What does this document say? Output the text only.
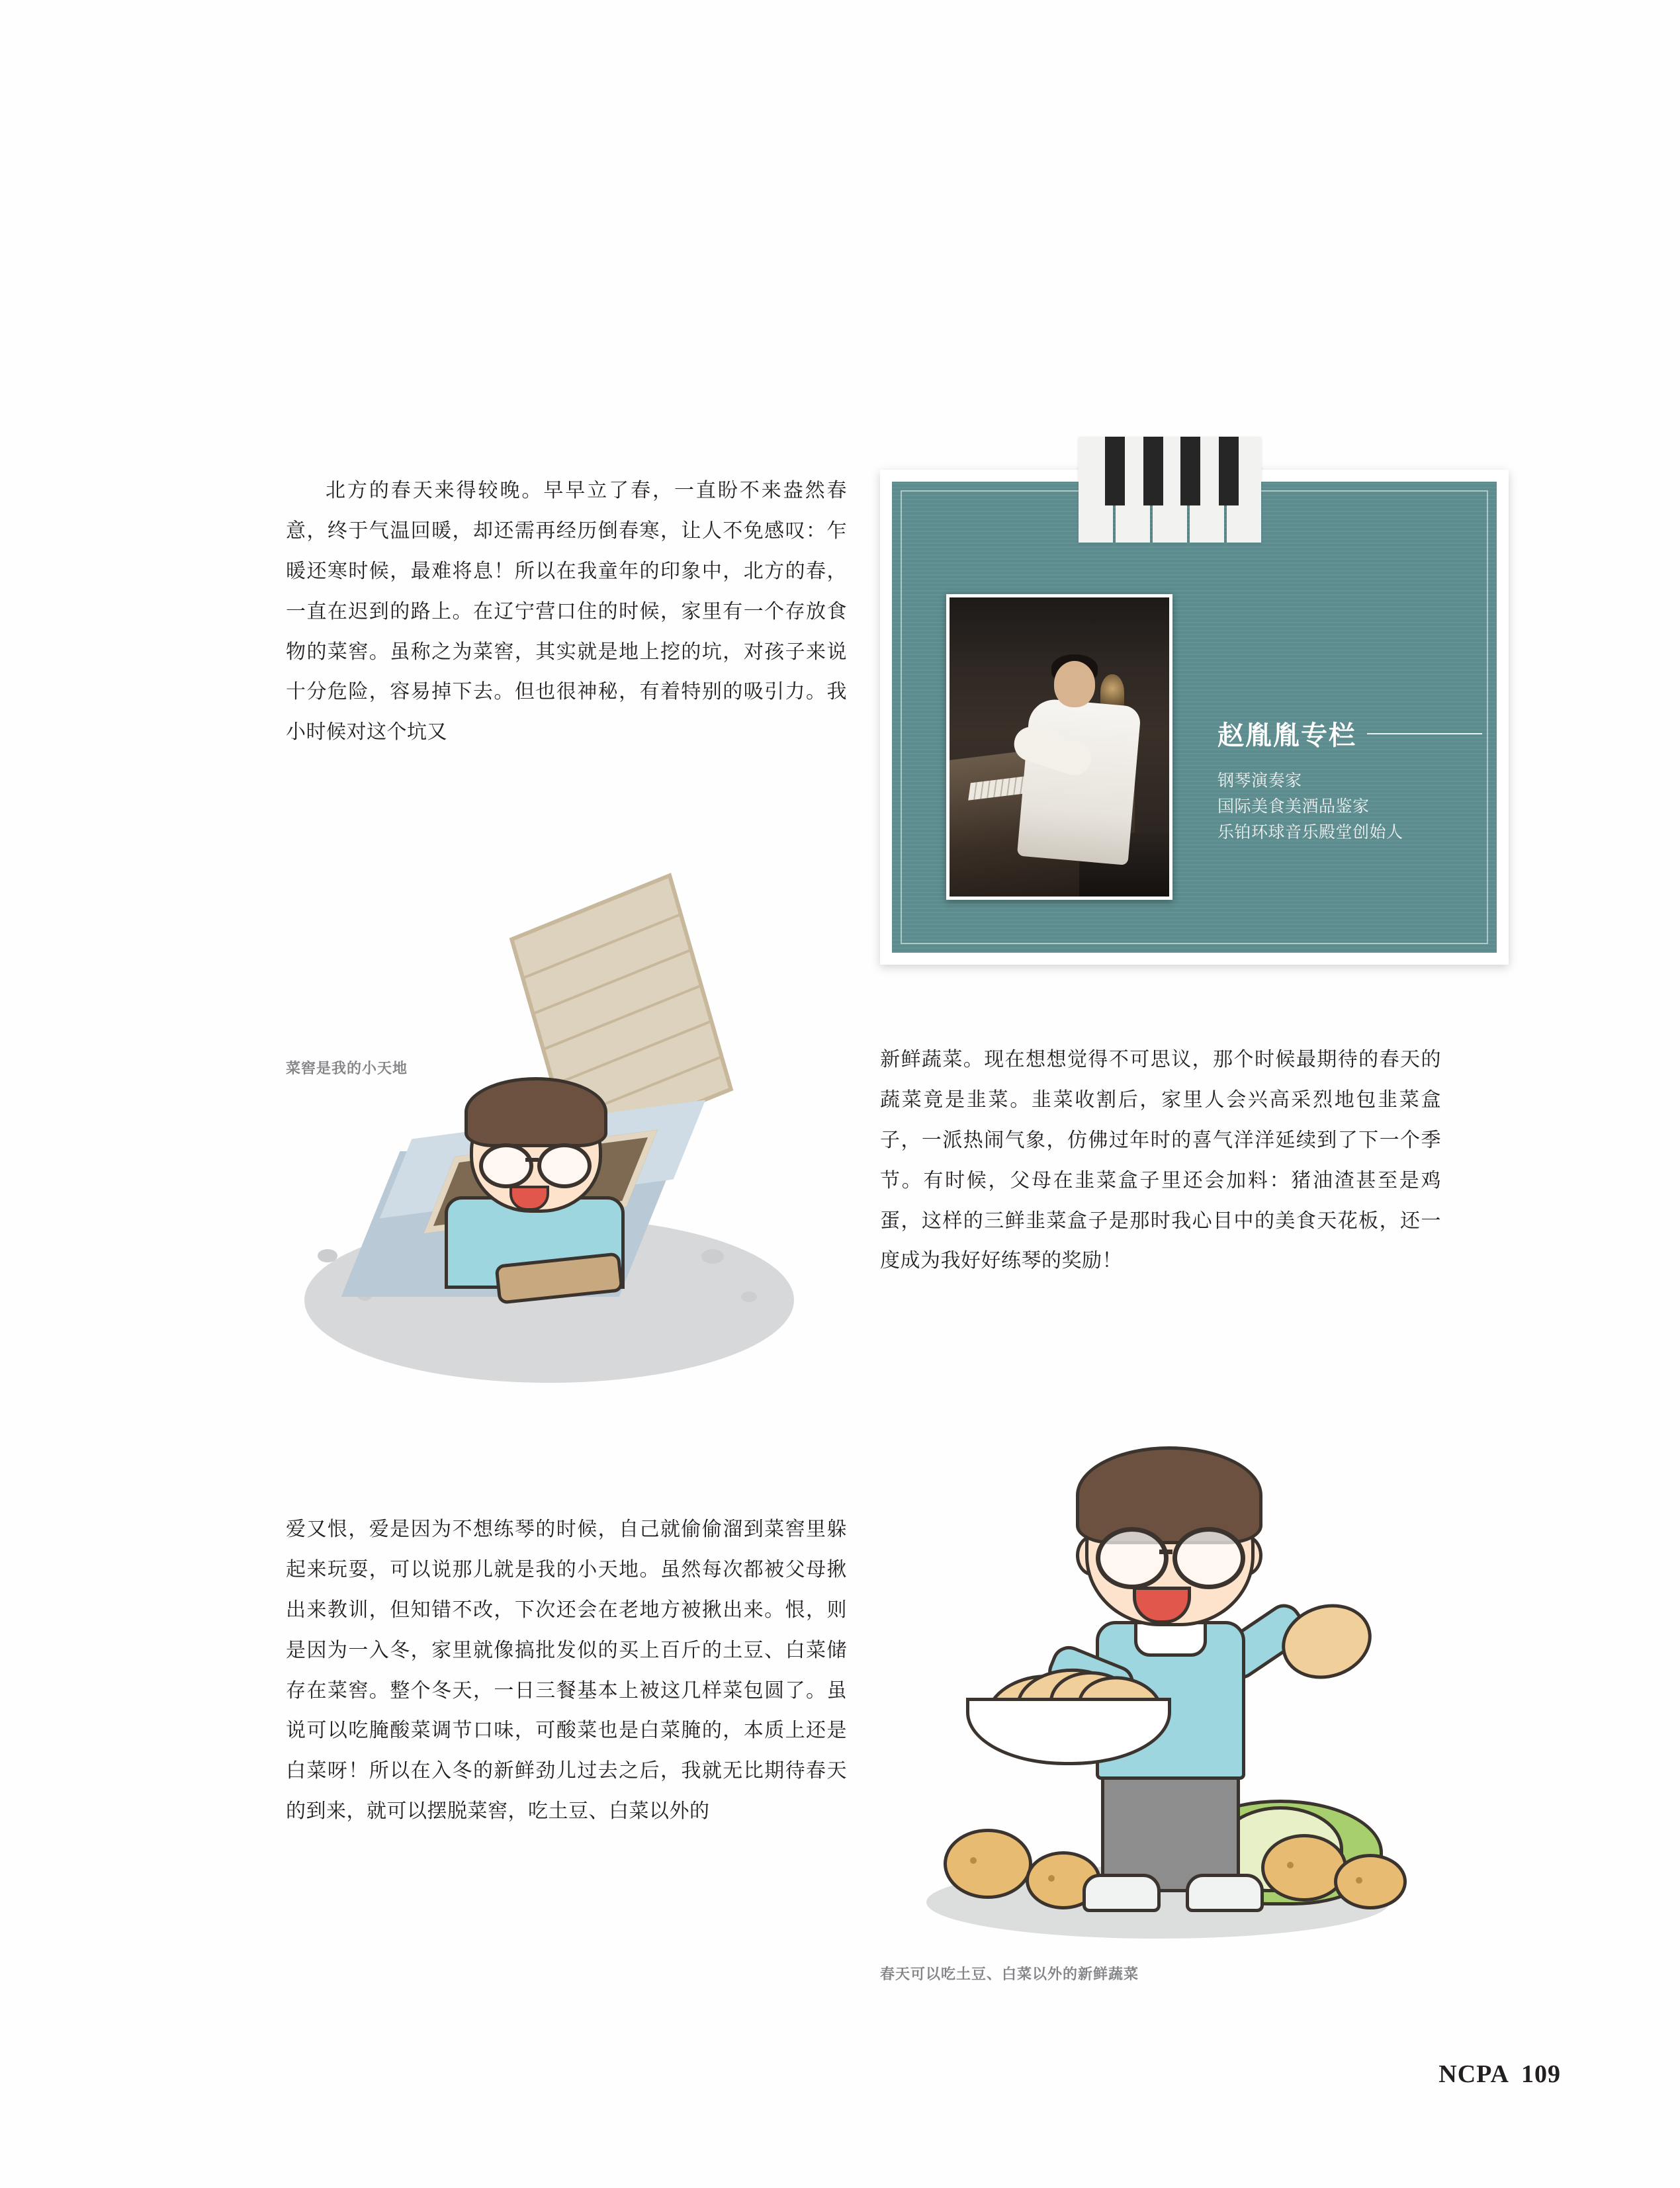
北方的春天来得较晚。早早立了春，一直盼不来盎然春意，终于气温回暖，却还需再经历倒春寒，让人不免感叹：乍暖还寒时候，最难将息！所以在我童年的印象中，北方的春，一直在迟到的路上。在辽宁营口住的时候，家里有一个存放食物的菜窖。虽称之为菜窖，其实就是地上挖的坑，对孩子来说十分危险，容易掉下去。但也很神秘，有着特别的吸引力。我小时候对这个坑又	赵胤胤专栏
钢琴演奏家
国际美食美酒品鉴家
乐铂环球音乐殿堂创始人

新鲜蔬菜。现在想想觉得不可思议，那个时候最期待的春天的蔬菜竟是韭菜。韭菜收割后，家里人会兴高采烈地包韭菜盒子，一派热闹气象，仿佛过年时的喜气洋洋延续到了下一个季节。有时候，父母在韭菜盒子里还会加料：猪油渣甚至是鸡蛋，这样的三鲜韭菜盒子是那时我心目中的美食天花板，还一度成为我好好练琴的奖励！

菜窖是我的小天地

爱又恨，爱是因为不想练琴的时候，自己就偷偷溜到菜窖里躲起来玩耍，可以说那儿就是我的小天地。虽然每次都被父母揪出来教训，但知错不改，下次还会在老地方被揪出来。恨，则是因为一入冬，家里就像搞批发似的买上百斤的土豆、白菜储存在菜窖。整个冬天，一日三餐基本上被这几样菜包圆了。虽说可以吃腌酸菜调节口味，可酸菜也是白菜腌的，本质上还是白菜呀！所以在入冬的新鲜劲儿过去之后，我就无比期待春天的到来，就可以摆脱菜窖，吃土豆、白菜以外的

春天可以吃土豆、白菜以外的新鲜蔬菜
NCPA 109
